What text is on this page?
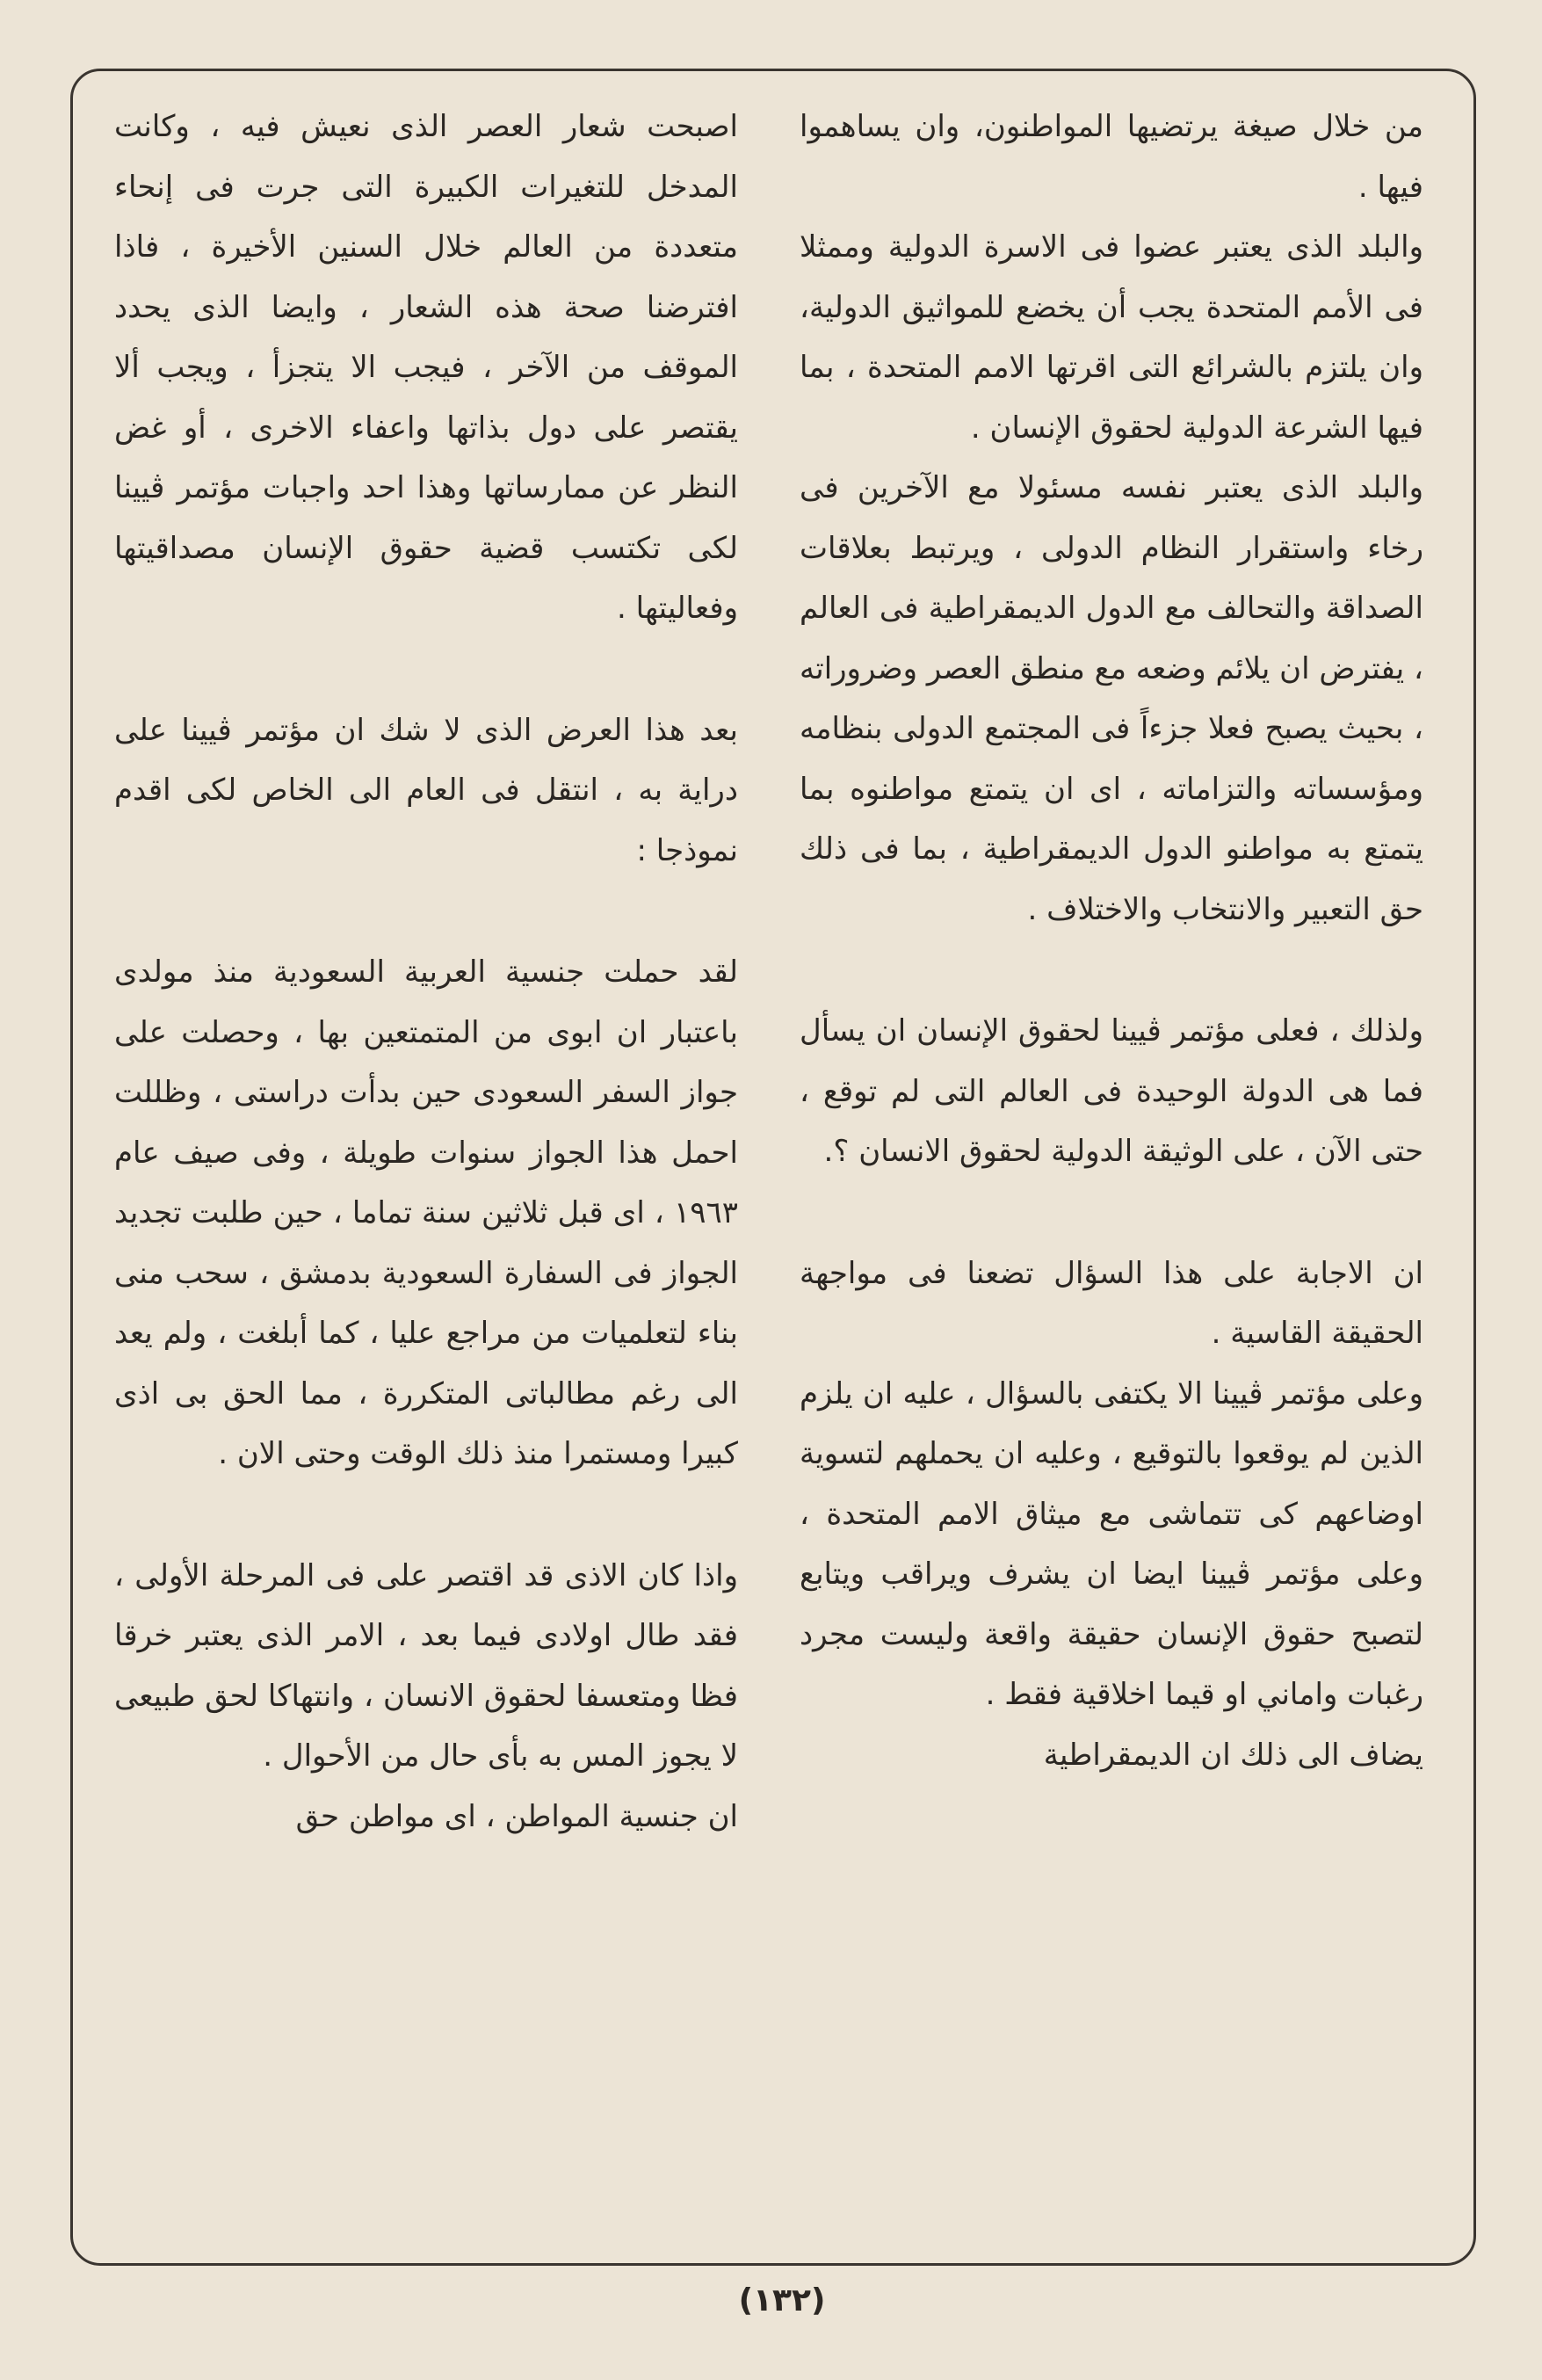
من خلال صيغة يرتضيها المواطنون، وان يساهموا فيها .

والبلد الذى يعتبر عضوا فى الاسرة الدولية وممثلا فى الأمم المتحدة يجب أن يخضع للمواثيق الدولية، وان يلتزم بالشرائع التى اقرتها الامم المتحدة ، بما فيها الشرعة الدولية لحقوق الإنسان .

والبلد الذى يعتبر نفسه مسئولا مع الآخرين فى رخاء واستقرار النظام الدولى ، ويرتبط بعلاقات الصداقة والتحالف مع الدول الديمقراطية فى العالم ، يفترض ان يلائم وضعه مع منطق العصر وضروراته ، بحيث يصبح فعلا جزءاً فى المجتمع الدولى بنظامه ومؤسساته والتزاماته ، اى ان يتمتع مواطنوه بما يتمتع به مواطنو الدول الديمقراطية ، بما فى ذلك حق التعبير والانتخاب والاختلاف .

ولذلك ، فعلى مؤتمر ڤيينا لحقوق الإنسان ان يسأل فما هى الدولة الوحيدة فى العالم التى لم توقع ، حتى الآن ، على الوثيقة الدولية لحقوق الانسان ؟.

ان الاجابة على هذا السؤال تضعنا فى مواجهة الحقيقة القاسية .

وعلى مؤتمر ڤيينا الا يكتفى بالسؤال ، عليه ان يلزم الذين لم يوقعوا بالتوقيع ، وعليه ان يحملهم لتسوية اوضاعهم كى تتماشى مع ميثاق الامم المتحدة ، وعلى مؤتمر ڤيينا ايضا ان يشرف ويراقب ويتابع لتصبح حقوق الإنسان حقيقة واقعة وليست مجرد رغبات واماني او قيما اخلاقية فقط .

يضاف الى ذلك ان الديمقراطية

اصبحت شعار العصر الذى نعيش فيه ، وكانت المدخل للتغيرات الكبيرة التى جرت فى إنحاء متعددة من العالم خلال السنين الأخيرة ، فاذا افترضنا صحة هذه الشعار ، وايضا الذى يحدد الموقف من الآخر ، فيجب الا يتجزأ ، ويجب ألا يقتصر على دول بذاتها واعفاء الاخرى ، أو غض النظر عن ممارساتها وهذا احد واجبات مؤتمر ڤيينا لكى تكتسب قضية حقوق الإنسان مصداقيتها وفعاليتها .

بعد هذا العرض الذى لا شك ان مؤتمر ڤيينا على دراية به ، انتقل فى العام الى الخاص لكى اقدم نموذجا :

لقد حملت جنسية العربية السعودية منذ مولدى باعتبار ان ابوى من المتمتعين بها ، وحصلت على جواز السفر السعودى حين بدأت دراستى ، وظللت احمل هذا الجواز سنوات طويلة ، وفى صيف عام ١٩٦٣ ، اى قبل ثلاثين سنة تماما ، حين طلبت تجديد الجواز فى السفارة السعودية بدمشق ، سحب منى بناء لتعلميات من مراجع عليا ، كما أبلغت ، ولم يعد الى رغم مطالباتى المتكررة ، مما الحق بى اذى كبيرا ومستمرا منذ ذلك الوقت وحتى الان .

واذا كان الاذى قد اقتصر على فى المرحلة الأولى ، فقد طال اولادى فيما بعد ، الامر الذى يعتبر خرقا فظا ومتعسفا لحقوق الانسان ، وانتهاكا لحق طبيعى لا يجوز المس به بأى حال من الأحوال .

ان جنسية المواطن ، اى مواطن حق

(١٣٢)
